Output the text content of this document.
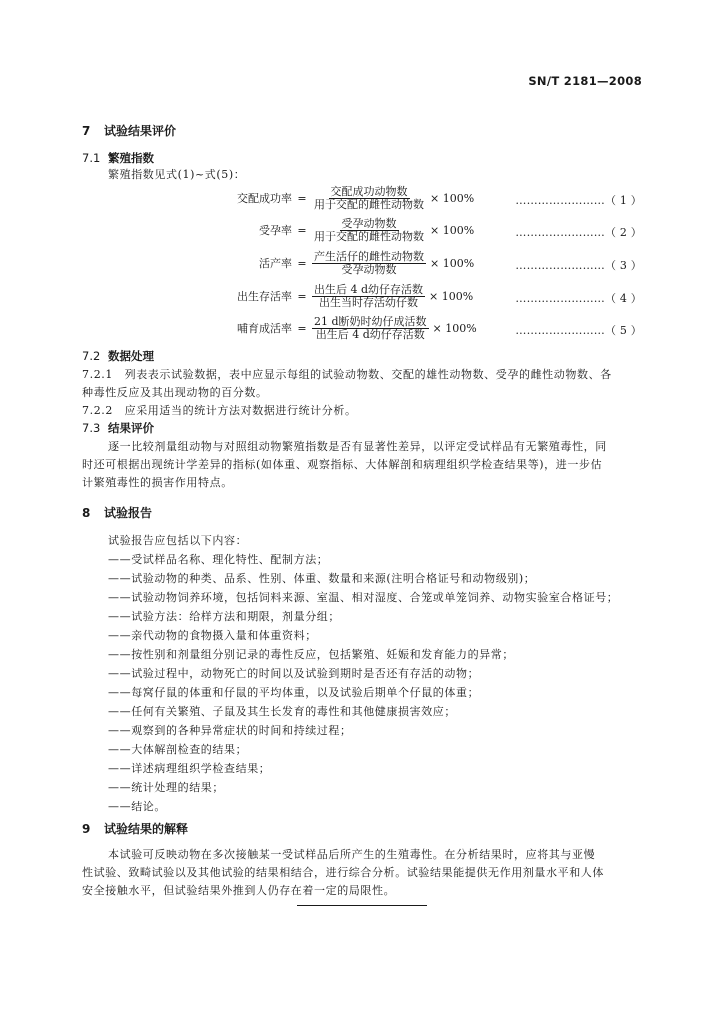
SN/T 2181—2008
7 试验结果评价
7.1 繁殖指数
繁殖指数见式(1)~式(5)：
交配成功率 = $\frac{\text{交配成功动物数}}{\text{用于交配的雌性动物数}} \times 100\%$	……………………（ 1 ）
受孕率 = $\frac{\text{受孕动物数}}{\text{用于交配的雌性动物数}} \times 100\%$	……………………（ 2 ）
活产率 = $\frac{\text{产生活仔的雌性动物数}}{\text{受孕动物数}} \times 100\%$	……………………（ 3 ）
出生存活率 = $\frac{\text{出生后 4 d幼仔存活数}}{\text{出生当时存活幼仔数}} \times 100\%$	……………………（ 4 ）
哺育成活率 = $\frac{\text{21 d断奶时幼仔成活数}}{\text{出生后 4 d幼仔存活数}} \times 100\%$	……………………（ 5 ）
7.2 数据处理
7.2.1　列表表示试验数据，表中应显示每组的试验动物数、交配的雄性动物数、受孕的雌性动物数、各
种毒性反应及其出现动物的百分数。
7.2.2　应采用适当的统计方法对数据进行统计分析。
7.3 结果评价
逐一比较剂量组动物与对照组动物繁殖指数是否有显著性差异，以评定受试样品有无繁殖毒性，同
时还可根据出现统计学差异的指标(如体重、观察指标、大体解剖和病理组织学检查结果等)，进一步估
计繁殖毒性的损害作用特点。
8 试验报告
试验报告应包括以下内容：
——受试样品名称、理化特性、配制方法；
——试验动物的种类、品系、性别、体重、数量和来源(注明合格证号和动物级别)；
——试验动物饲养环境，包括饲料来源、室温、相对湿度、合笼或单笼饲养、动物实验室合格证号；
——试验方法：给样方法和期限，剂量分组；
——亲代动物的食物摄入量和体重资料；
——按性别和剂量组分别记录的毒性反应，包括繁殖、妊娠和发育能力的异常；
——试验过程中，动物死亡的时间以及试验到期时是否还有存活的动物；
——每窝仔鼠的体重和仔鼠的平均体重，以及试验后期单个仔鼠的体重；
——任何有关繁殖、子鼠及其生长发育的毒性和其他健康损害效应；
——观察到的各种异常症状的时间和持续过程；
——大体解剖检查的结果；
——详述病理组织学检查结果；
——统计处理的结果；
——结论。
9 试验结果的解释
本试验可反映动物在多次接触某一受试样品后所产生的生殖毒性。在分析结果时，应将其与亚慢
性试验、致畸试验以及其他试验的结果相结合，进行综合分析。试验结果能提供无作用剂量水平和人体
安全接触水平，但试验结果外推到人仍存在着一定的局限性。
